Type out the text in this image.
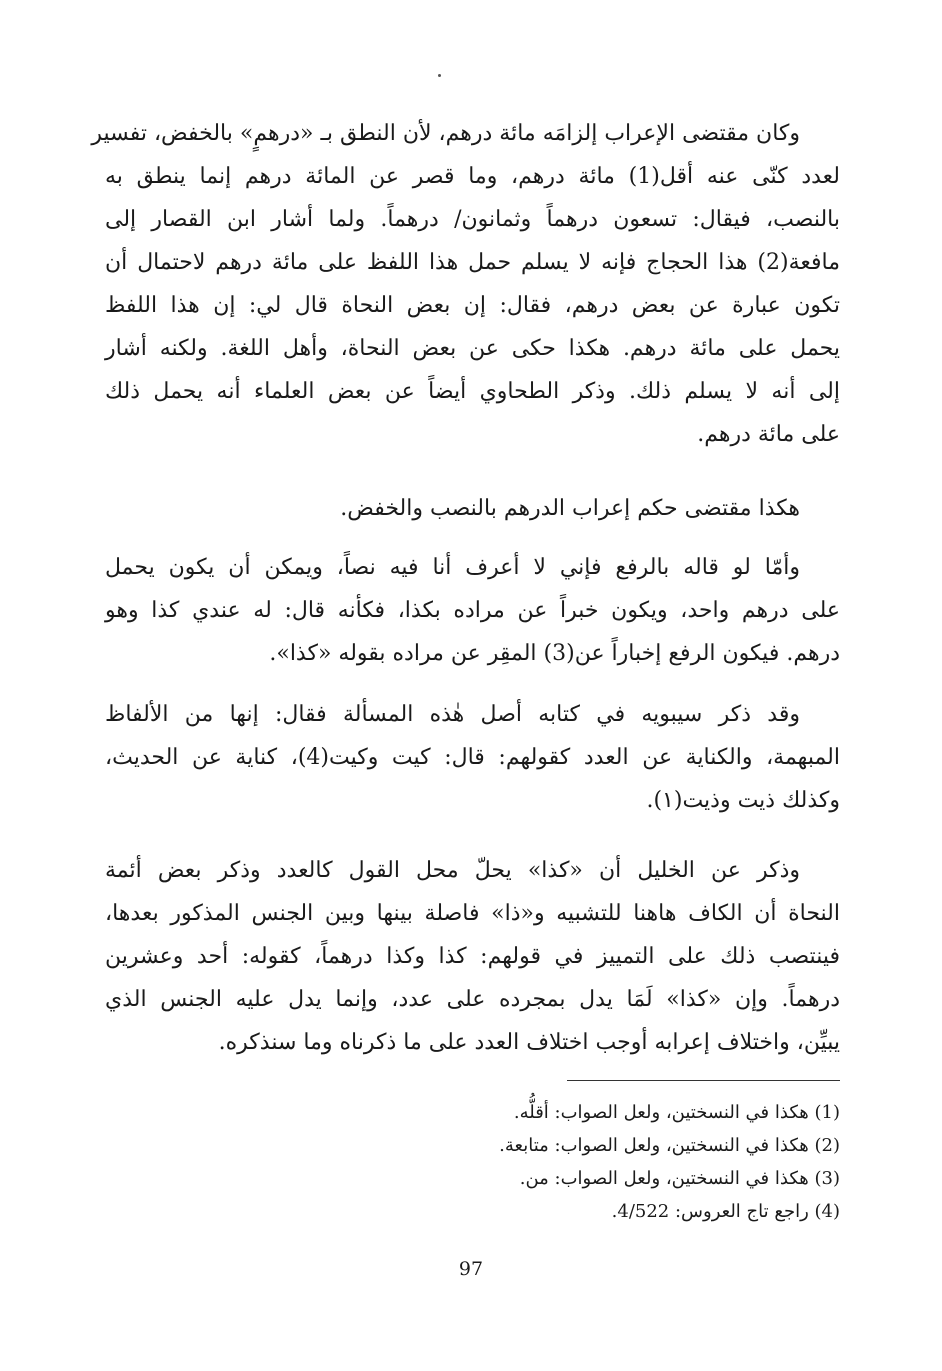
وكان مقتضى الإعراب إلزامَه مائة درهم، لأن النطق بـ «درهمٍ» بالخفض، تفسير
لعدد كنّى عنه أقل(1) مائة درهم، وما قصر عن المائة درهم إنما ينطق به
بالنصب، فيقال: تسعون درهماً وثمانون/ درهماً. ولما أشار ابن القصار إلى
مافعة(2) هذا الحجاج فإنه لا يسلم حمل هذا اللفظ على مائة درهم لاحتمال أن
تكون عبارة عن بعض درهم، فقال: إن بعض النحاة قال لي: إن هذا اللفظ
يحمل على مائة درهم. هكذا حكى عن بعض النحاة، وأهل اللغة. ولكنه أشار
إلى أنه لا يسلم ذلك. وذكر الطحاوي أيضاً عن بعض العلماء أنه يحمل ذلك
على مائة درهم.
هكذا مقتضى حكم إعراب الدرهم بالنصب والخفض.
وأمّا لو قاله بالرفع فإني لا أعرف أنا فيه نصاً، ويمكن أن يكون يحمل
على درهم واحد، ويكون خبراً عن مراده بكذا، فكأنه قال: له عندي كذا وهو
درهم. فيكون الرفع إخباراً عن(3) المقِر عن مراده بقوله «كذا».
وقد ذكر سيبويه في كتابه أصل هٰذه المسألة فقال: إنها من الألفاظ
المبهمة، والكناية عن العدد كقولهم: قال: كيت وكيت(4)، كناية عن الحديث،
وكذلك ذيت وذيت(١).
وذكر عن الخليل أن «كذا» يحلّ محل القول كالعدد وذكر بعض أئمة
النحاة أن الكاف هاهنا للتشبيه و«ذا» فاصلة بينها وبين الجنس المذكور بعدها،
فينتصب ذلك على التمييز في قولهم: كذا وكذا درهماً، كقوله: أحد وعشرين
درهماً. وإن «كذا» لَمَا يدل بمجرده على عدد، وإنما يدل عليه الجنس الذي
يبيِّن، واختلاف إعرابه أوجب اختلاف العدد على ما ذكرناه وما سنذكره.
(1) هكذا في النسختين، ولعل الصواب: أقلُّه.
(2) هكذا في النسختين، ولعل الصواب: متابعة.
(3) هكذا في النسختين، ولعل الصواب: من.
(4) راجع تاج العروس: 4/522.
97
